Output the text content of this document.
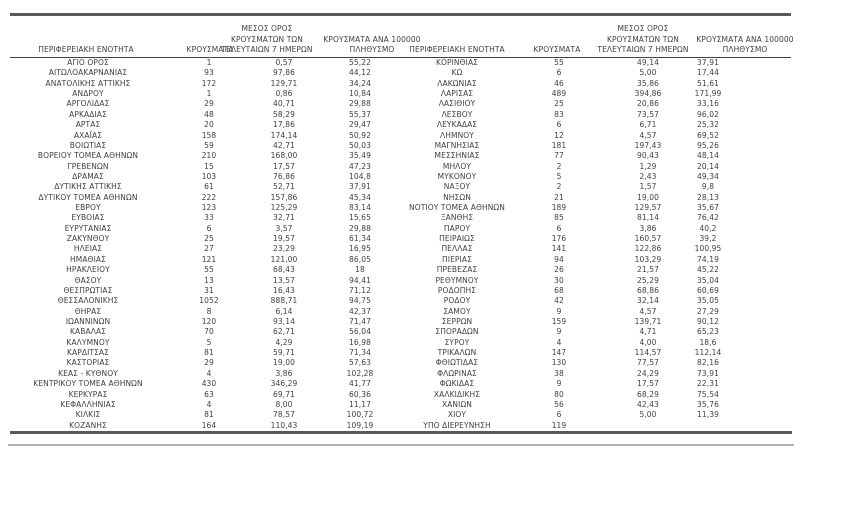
ΠΕΡΙΦΕΡΕΙΑΚΗ ΕΝΟΤΗΤΑ	ΚΡΟΥΣΜΑΤΑ
ΜΕΣΟΣ ΟΡΟΣ
ΚΡΟΥΣΜΑΤΩΝ ΤΩΝ
ΤΕΛΕΥΤΑΙΩΝ 7 ΗΜΕΡΩΝ
ΚΡΟΥΣΜΑΤΑ ΑΝΑ 100000
ΠΛΗΘΥΣΜΟ	ΠΕΡΙΦΕΡΕΙΑΚΗ ΕΝΟΤΗΤΑ	ΚΡΟΥΣΜΑΤΑ
ΜΕΣΟΣ ΟΡΟΣ
ΚΡΟΥΣΜΑΤΩΝ ΤΩΝ
ΤΕΛΕΥΤΑΙΩΝ 7 ΗΜΕΡΩΝ
ΚΡΟΥΣΜΑΤΑ ΑΝΑ 100000
ΠΛΗΘΥΣΜΟ
ΑΓΙΟ ΟΡΟΣ	1	0,57	55,22	ΚΟΡΙΝΘΙΑΣ	55	49,14	37,91
ΑΙΤΩΛΟΑΚΑΡΝΑΝΙΑΣ	93	97,86	44,12	ΚΩ	6	5,00	17,44
ΑΝΑΤΟΛΙΚΗΣ ΑΤΤΙΚΗΣ	172	129,71	34,24	ΛΑΚΩΝΙΑΣ	46	35,86	51,61
ΑΝΔΡΟΥ	1	0,86	10,84	ΛΑΡΙΣΑΣ	489	394,86	171,99
ΑΡΓΟΛΙΔΑΣ	29	40,71	29,88	ΛΑΣΙΘΙΟΥ	25	20,86	33,16
ΑΡΚΑΔΙΑΣ	48	58,29	55,37	ΛΕΣΒΟΥ	83	73,57	96,02
ΑΡΤΑΣ	20	17,86	29,47	ΛΕΥΚΑΔΑΣ	6	6,71	25,32
ΑΧΑΪΑΣ	158	174,14	50,92	ΛΗΜΝΟΥ	12	4,57	69,52
ΒΟΙΩΤΙΑΣ	59	42,71	50,03	ΜΑΓΝΗΣΙΑΣ	181	197,43	95,26
ΒΟΡΕΙΟΥ ΤΟΜΕΑ ΑΘΗΝΩΝ	210	168,00	35,49	ΜΕΣΣΗΝΙΑΣ	77	90,43	48,14
ΓΡΕΒΕΝΩΝ	15	17,57	47,23	ΜΗΛΟΥ	2	1,29	20,14
ΔΡΑΜΑΣ	103	76,86	104,8	ΜΥΚΟΝΟΥ	5	2,43	49,34
ΔΥΤΙΚΗΣ ΑΤΤΙΚΗΣ	61	52,71	37,91	ΝΑΞΟΥ	2	1,57	9,8
ΔΥΤΙΚΟΥ ΤΟΜΕΑ ΑΘΗΝΩΝ	222	157,86	45,34	ΝΗΣΩΝ	21	19,00	28,13
ΕΒΡΟΥ	123	125,29	83,14	ΝΟΤΙΟΥ ΤΟΜΕΑ ΑΘΗΝΩΝ	189	129,57	35,67
ΕΥΒΟΙΑΣ	33	32,71	15,65	ΞΑΝΘΗΣ	85	81,14	76,42
ΕΥΡΥΤΑΝΙΑΣ	6	3,57	29,88	ΠΑΡΟΥ	6	3,86	40,2
ΖΑΚΥΝΘΟΥ	25	19,57	61,34	ΠΕΙΡΑΙΩΣ	176	160,57	39,2
ΗΛΕΙΑΣ	27	23,29	16,95	ΠΕΛΛΑΣ	141	122,86	100,95
ΗΜΑΘΙΑΣ	121	121,00	86,05	ΠΙΕΡΙΑΣ	94	103,29	74,19
ΗΡΑΚΛΕΙΟΥ	55	68,43	18	ΠΡΕΒΕΖΑΣ	26	21,57	45,22
ΘΑΣΟΥ	13	13,57	94,41	ΡΕΘΥΜΝΟΥ	30	25,29	35,04
ΘΕΣΠΡΩΤΙΑΣ	31	16,43	71,12	ΡΟΔΟΠΗΣ	68	68,86	60,69
ΘΕΣΣΑΛΟΝΙΚΗΣ	1052	888,71	94,75	ΡΟΔΟΥ	42	32,14	35,05
ΘΗΡΑΣ	8	6,14	42,37	ΣΑΜΟΥ	9	4,57	27,29
ΙΩΑΝΝΙΝΩΝ	120	93,14	71,47	ΣΕΡΡΩΝ	159	139,71	90,12
ΚΑΒΑΛΑΣ	70	62,71	56,04	ΣΠΟΡΑΔΩΝ	9	4,71	65,23
ΚΑΛΥΜΝΟΥ	5	4,29	16,98	ΣΥΡΟΥ	4	4,00	18,6
ΚΑΡΔΙΤΣΑΣ	81	59,71	71,34	ΤΡΙΚΑΛΩΝ	147	114,57	112,14
ΚΑΣΤΟΡΙΑΣ	29	19,00	57,63	ΦΘΙΩΤΙΔΑΣ	130	77,57	82,16
ΚΕΑΣ - ΚΥΘΝΟΥ	4	3,86	102,28	ΦΛΩΡΙΝΑΣ	38	24,29	73,91
ΚΕΝΤΡΙΚΟΥ ΤΟΜΕΑ ΑΘΗΝΩΝ	430	346,29	41,77	ΦΩΚΙΔΑΣ	9	17,57	22,31
ΚΕΡΚΥΡΑΣ	63	69,71	60,36	ΧΑΛΚΙΔΙΚΗΣ	80	68,29	75,54
ΚΕΦΑΛΛΗΝΙΑΣ	4	8,00	11,17	ΧΑΝΙΩΝ	56	42,43	35,76
ΚΙΛΚΙΣ	81	78,57	100,72	ΧΙΟΥ	6	5,00	11,39
ΚΟΖΑΝΗΣ	164	110,43	109,19	ΥΠΟ ΔΙΕΡΕΥΝΗΣΗ	119
